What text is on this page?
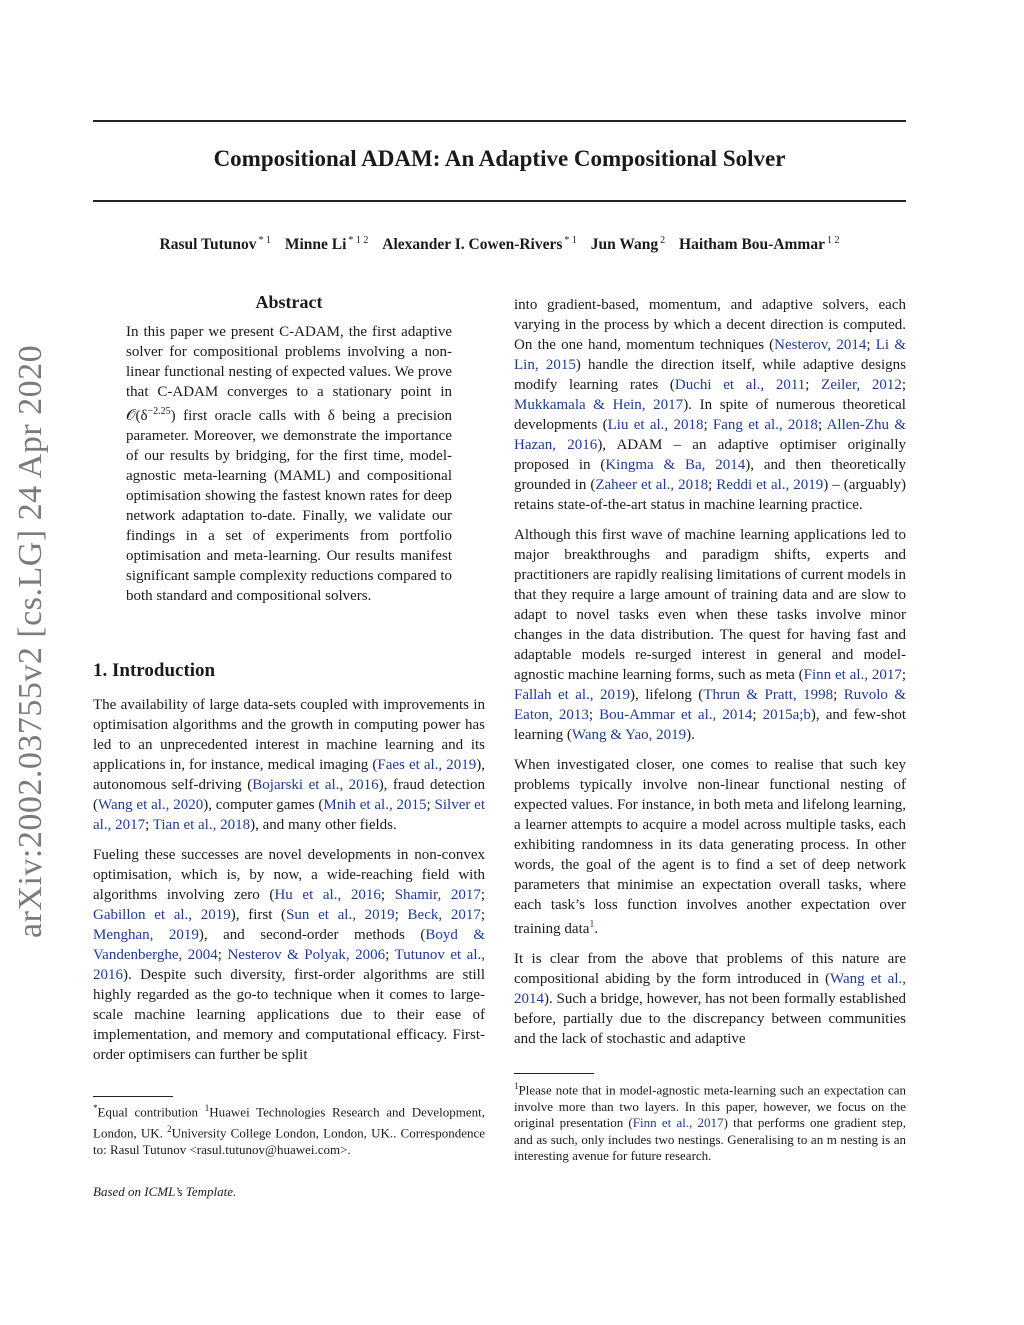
Compositional ADAM: An Adaptive Compositional Solver
Rasul Tutunov $^{* 1}$ Minne Li $^{* 1 2}$ Alexander I. Cowen-Rivers $^{* 1}$ Jun Wang $^2$ Haitham Bou-Ammar $^{1 2}$
arXiv:2002.03755v2 [cs.LG] 24 Apr 2020
Abstract
In this paper we present C-ADAM, the first adaptive solver for compositional problems involving a non-linear functional nesting of expected values. We prove that C-ADAM converges to a stationary point in $𝒪(\delta^{-2.25})$ first oracle calls with δ being a precision parameter. Moreover, we demonstrate the importance of our results by bridging, for the first time, model-agnostic meta-learning (MAML) and compositional optimisation showing the fastest known rates for deep network adaptation to-date. Finally, we validate our findings in a set of experiments from portfolio optimisation and meta-learning. Our results manifest significant sample complexity reductions compared to both standard and compositional solvers.
1. Introduction

The availability of large data-sets coupled with improvements in optimisation algorithms and the growth in computing power has led to an unprecedented interest in machine learning and its applications in, for instance, medical imaging (Faes et al., 2019), autonomous self-driving (Bojarski et al., 2016), fraud detection (Wang et al., 2020), computer games (Mnih et al., 2015; Silver et al., 2017; Tian et al., 2018), and many other fields.

Fueling these successes are novel developments in non-convex optimisation, which is, by now, a wide-reaching field with algorithms involving zero (Hu et al., 2016; Shamir, 2017; Gabillon et al., 2019), first (Sun et al., 2019; Beck, 2017; Menghan, 2019), and second-order methods (Boyd & Vandenberghe, 2004; Nesterov & Polyak, 2006; Tutunov et al., 2016). Despite such diversity, first-order algorithms are still highly regarded as the go-to technique when it comes to large-scale machine learning applications due to their ease of implementation, and memory and computational efficacy. First-order optimisers can further be split

*Equal contribution $^1$Huawei Technologies Research and Development, London, UK. $^2$University College London, London, UK.. Correspondence to: Rasul Tutunov <rasul.tutunov@huawei.com>.
Based on ICML’s Template.

into gradient-based, momentum, and adaptive solvers, each varying in the process by which a decent direction is computed. On the one hand, momentum techniques (Nesterov, 2014; Li & Lin, 2015) handle the direction itself, while adaptive designs modify learning rates (Duchi et al., 2011; Zeiler, 2012; Mukkamala & Hein, 2017). In spite of numerous theoretical developments (Liu et al., 2018; Fang et al., 2018; Allen-Zhu & Hazan, 2016), ADAM – an adaptive optimiser originally proposed in (Kingma & Ba, 2014), and then theoretically grounded in (Zaheer et al., 2018; Reddi et al., 2019) – (arguably) retains state-of-the-art status in machine learning practice.

Although this first wave of machine learning applications led to major breakthroughs and paradigm shifts, experts and practitioners are rapidly realising limitations of current models in that they require a large amount of training data and are slow to adapt to novel tasks even when these tasks involve minor changes in the data distribution. The quest for having fast and adaptable models re-surged interest in general and model-agnostic machine learning forms, such as meta (Finn et al., 2017; Fallah et al., 2019), lifelong (Thrun & Pratt, 1998; Ruvolo & Eaton, 2013; Bou-Ammar et al., 2014; 2015a;b), and few-shot learning (Wang & Yao, 2019).

When investigated closer, one comes to realise that such key problems typically involve non-linear functional nesting of expected values. For instance, in both meta and lifelong learning, a learner attempts to acquire a model across multiple tasks, each exhibiting randomness in its data generating process. In other words, the goal of the agent is to find a set of deep network parameters that minimise an expectation overall tasks, where each task’s loss function involves another expectation over training data$^1$.

It is clear from the above that problems of this nature are compositional abiding by the form introduced in (Wang et al., 2014). Such a bridge, however, has not been formally established before, partially due to the discrepancy between communities and the lack of stochastic and adaptive

$^1$Please note that in model-agnostic meta-learning such an expectation can involve more than two layers. In this paper, however, we focus on the original presentation (Finn et al., 2017) that performs one gradient step, and as such, only includes two nestings. Generalising to an m nesting is an interesting avenue for future research.
